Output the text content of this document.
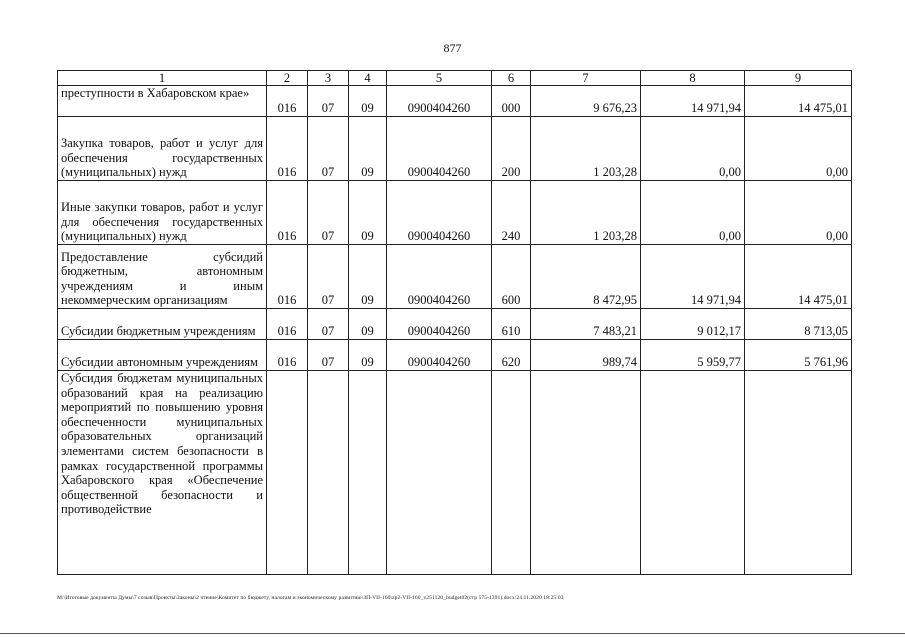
877
1	2	3	4	5	6	7	8	9
преступности в Хабаровском крае»	016	07	09	0900404260	000	9 676,23	14 971,94	14 475,01
Закупка товаров, работ и услуг для обеспечения государственных (муниципальных) нужд	016	07	09	0900404260	200	1 203,28	0,00	0,00
Иные закупки товаров, работ и услуг для обеспечения государственных (муниципальных) нужд	016	07	09	0900404260	240	1 203,28	0,00	0,00
Предоставление субсидий бюджетным, автономным учреждениям и иным некоммерческим организациям	016	07	09	0900404260	600	8 472,95	14 971,94	14 475,01
Субсидии бюджетным учреждениям	016	07	09	0900404260	610	7 483,21	9 012,17	8 713,05
Субсидии автономным учреждениям	016	07	09	0900404260	620	989,74	5 959,77	5 761,96
Субсидия бюджетам муниципальных образований края на реализацию мероприятий по повышению уровня обеспеченности муниципальных образовательных организаций элементами систем безопасности в рамках государственной программы Хабаровского края «Обеспечение общественной безопасности и противодействие								
M:\Итоговые документы Думы\7 созыв\Проекты\Законы\2 чтение\Комитет по бюджету, налогам и экономическому развитию\ЗП-VII-160\zp2-VII-160_v251120_budget02(стр 575-1391).docx/24.11.2020 18:25:03
